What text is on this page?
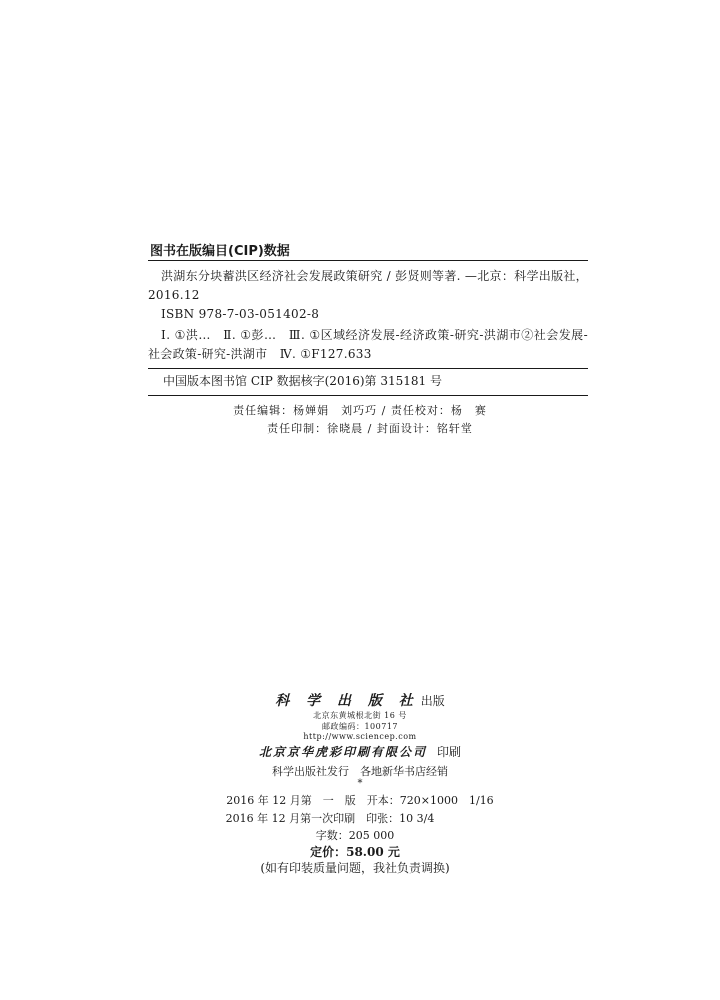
图书在版编目(CIP)数据
洪湖东分块蓄洪区经济社会发展政策研究 / 彭贤则等著. —北京：科学出版社，2016.12
ISBN 978-7-03-051402-8
Ⅰ. ①洪…　Ⅱ. ①彭…　Ⅲ. ①区域经济发展-经济政策-研究-洪湖市②社会发展-社会政策-研究-洪湖市　Ⅳ. ①F127.633
中国版本图书馆 CIP 数据核字(2016)第 315181 号
责任编辑：杨婵娟　刘巧巧 / 责任校对：杨　赛
责任印制：徐晓晨 / 封面设计：铭轩堂
科 学 出 版 社 出版
北京东黄城根北街 16 号
邮政编码：100717
http://www.sciencep.com
北京京华虎彩印刷有限公司 印刷
科学出版社发行　各地新华书店经销
*
2016 年 12 月第　一　版　开本：720×1000　1/16
2016 年 12 月第一次印刷　印张：10 3/4
字数：205 000
定价：58.00 元
(如有印装质量问题，我社负责调换)
